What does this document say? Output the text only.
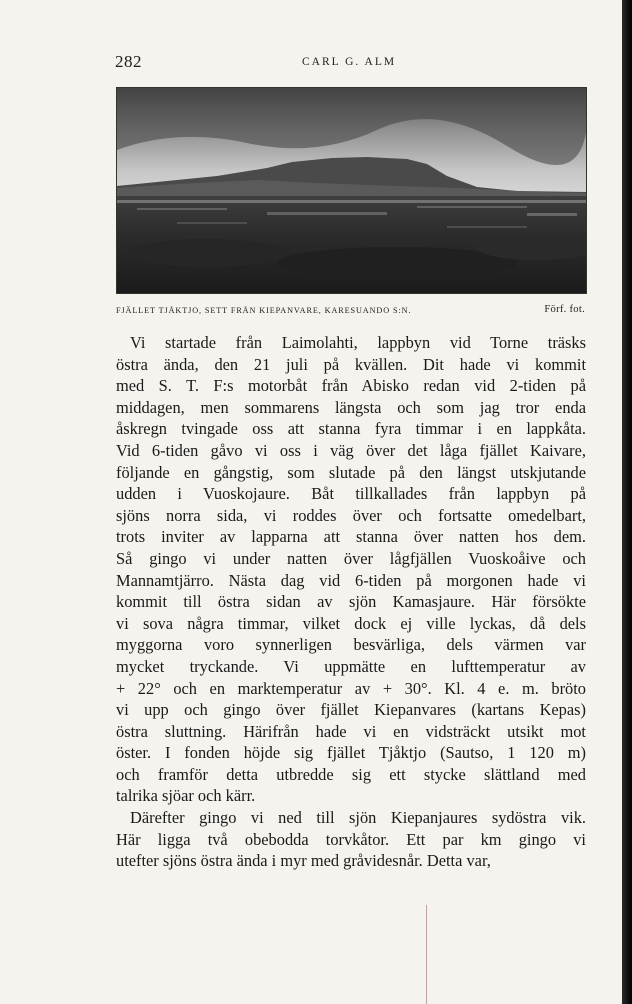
282	CARL G. ALM
FJÄLLET TJÅKTJO, SETT FRÅN KIEPANVARE, KARESUANDO S:N.	Förf. fot.
Vi startade från Laimolahti, lappbyn vid Torne träsks
östra ända, den 21 juli på kvällen. Dit hade vi kommit
med S. T. F:s motorbåt från Abisko redan vid 2-tiden på
middagen, men sommarens längsta och som jag tror enda
åskregn tvingade oss att stanna fyra timmar i en lappkåta.
Vid 6-tiden gåvo vi oss i väg över det låga fjället Kaivare,
följande en gångstig, som slutade på den längst utskjutande
udden i Vuoskojaure. Båt tillkallades från lappbyn på
sjöns norra sida, vi roddes över och fortsatte omedelbart,
trots inviter av lapparna att stanna över natten hos dem.
Så gingo vi under natten över lågfjällen Vuoskoåive och
Mannamtjärro. Nästa dag vid 6-tiden på morgonen hade vi
kommit till östra sidan av sjön Kamasjaure. Här försökte
vi sova några timmar, vilket dock ej ville lyckas, då dels
myggorna voro synnerligen besvärliga, dels värmen var
mycket tryckande. Vi uppmätte en lufttemperatur av
+ 22° och en marktemperatur av + 30°. Kl. 4 e. m. bröto
vi upp och gingo över fjället Kiepanvares (kartans Kepas)
östra sluttning. Härifrån hade vi en vidsträckt utsikt mot
öster. I fonden höjde sig fjället Tjåktjo (Sautso, 1 120 m)
och framför detta utbredde sig ett stycke slättland med
talrika sjöar och kärr.
Därefter gingo vi ned till sjön Kiepanjaures sydöstra vik.
Här ligga två obebodda torvkåtor. Ett par km gingo vi
utefter sjöns östra ända i myr med gråvidesnår. Detta var,
